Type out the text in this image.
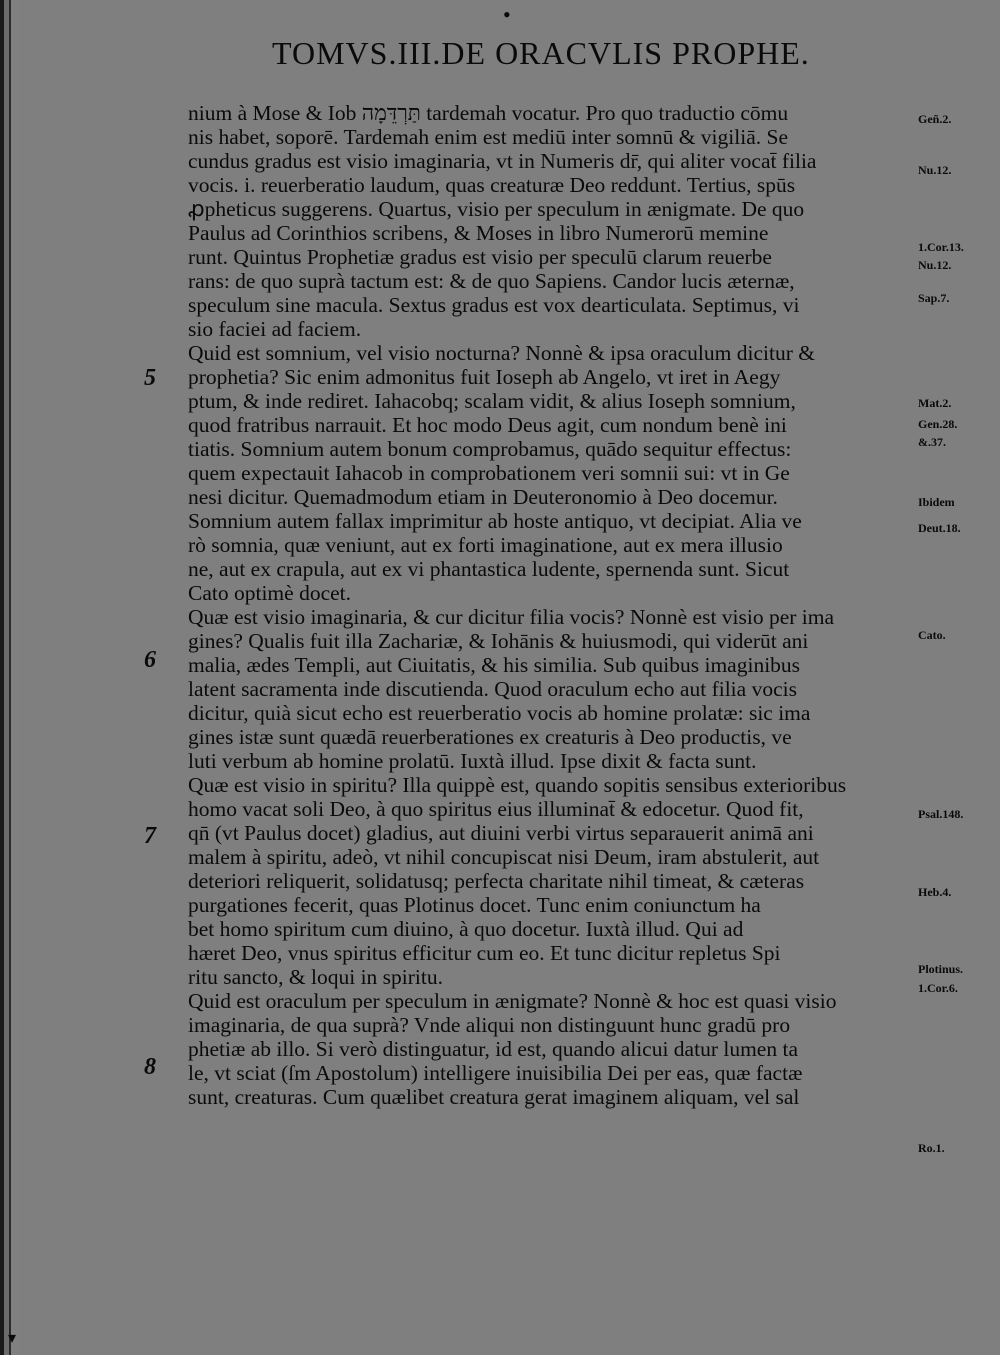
•
TOMVS.III.DE ORACVLIS PROPHE.
nium à Mose & Iob תַּרְדֵּמָה tardemah vocatur. Pro quo traductio cōmu
nis habet, soporē. Tardemah enim est mediū inter somnū & vigiliā. Se
cundus gradus est visio imaginaria, vt in Numeris dr̄, qui aliter vocat̄ filia
vocis. i. reuerberatio laudum, quas creaturæ Deo reddunt. Tertius, spūs
ꝓpheticus suggerens. Quartus, visio per speculum in ænigmate. De quo
Paulus ad Corinthios scribens, & Moses in libro Numerorū memine
runt. Quintus Prophetiæ gradus est visio per speculū clarum reuerbe
rans: de quo suprà tactum est: & de quo Sapiens. Candor lucis æternæ,
speculum sine macula. Sextus gradus est vox dearticulata. Septimus, vi
sio faciei ad faciem.
Quid est somnium, vel visio nocturna? Nonnè & ipsa oraculum dicitur &
prophetia? Sic enim admonitus fuit Ioseph ab Angelo, vt iret in Aegy
ptum, & inde rediret. Iahacobq; scalam vidit, & alius Ioseph somnium,
quod fratribus narrauit. Et hoc modo Deus agit, cum nondum benè ini
tiatis. Somnium autem bonum comprobamus, quādo sequitur effectus:
quem expectauit Iahacob in comprobationem veri somnii sui: vt in Ge
nesi dicitur. Quemadmodum etiam in Deuteronomio à Deo docemur.
Somnium autem fallax imprimitur ab hoste antiquo, vt decipiat. Alia ve
rò somnia, quæ veniunt, aut ex forti imaginatione, aut ex mera illusio
ne, aut ex crapula, aut ex vi phantastica ludente, spernenda sunt. Sicut
Cato optimè docet.
Quæ est visio imaginaria, & cur dicitur filia vocis? Nonnè est visio per ima
gines? Qualis fuit illa Zachariæ, & Iohānis & huiusmodi, qui viderūt ani
malia, ædes Templi, aut Ciuitatis, & his similia. Sub quibus imaginibus
latent sacramenta inde discutienda. Quod oraculum echo aut filia vocis
dicitur, quià sicut echo est reuerberatio vocis ab homine prolatæ: sic ima
gines istæ sunt quædā reuerberationes ex creaturis à Deo productis, ve
luti verbum ab homine prolatū. Iuxtà illud. Ipse dixit & facta sunt.
Quæ est visio in spiritu? Illa quippè est, quando sopitis sensibus exterioribus
homo vacat soli Deo, à quo spiritus eius illuminat̄ & edocetur. Quod fit,
qn̄ (vt Paulus docet) gladius, aut diuini verbi virtus separauerit animā ani
malem à spiritu, adeò, vt nihil concupiscat nisi Deum, iram abstulerit, aut
deteriori reliquerit, solidatusq; perfecta charitate nihil timeat, & cæteras
purgationes fecerit, quas Plotinus docet. Tunc enim coniunctum ha
bet homo spiritum cum diuino, à quo docetur. Iuxtà illud. Qui ad
hæret Deo, vnus spiritus efficitur cum eo. Et tunc dicitur repletus Spi
ritu sancto, & loqui in spiritu.
Quid est oraculum per speculum in ænigmate? Nonnè & hoc est quasi visio
imaginaria, de qua suprà? Vnde aliqui non distinguunt hunc gradū pro
phetiæ ab illo. Si verò distinguatur, id est, quando alicui datur lumen ta
le, vt sciat (ſm Apostolum) intelligere inuisibilia Dei per eas, quæ factæ
sunt, creaturas. Cum quælibet creatura gerat imaginem aliquam, vel sal
5
6
7
8
Geñ.2.
Nu.12.
1.Cor.13.
Nu.12.
Sap.7.
Mat.2.
Gen.28.
&.37.
Ibidem
Deut.18.
Cato.
Psal.148.
Heb.4.
Plotinus.
1.Cor.6.
Ro.1.
▾
